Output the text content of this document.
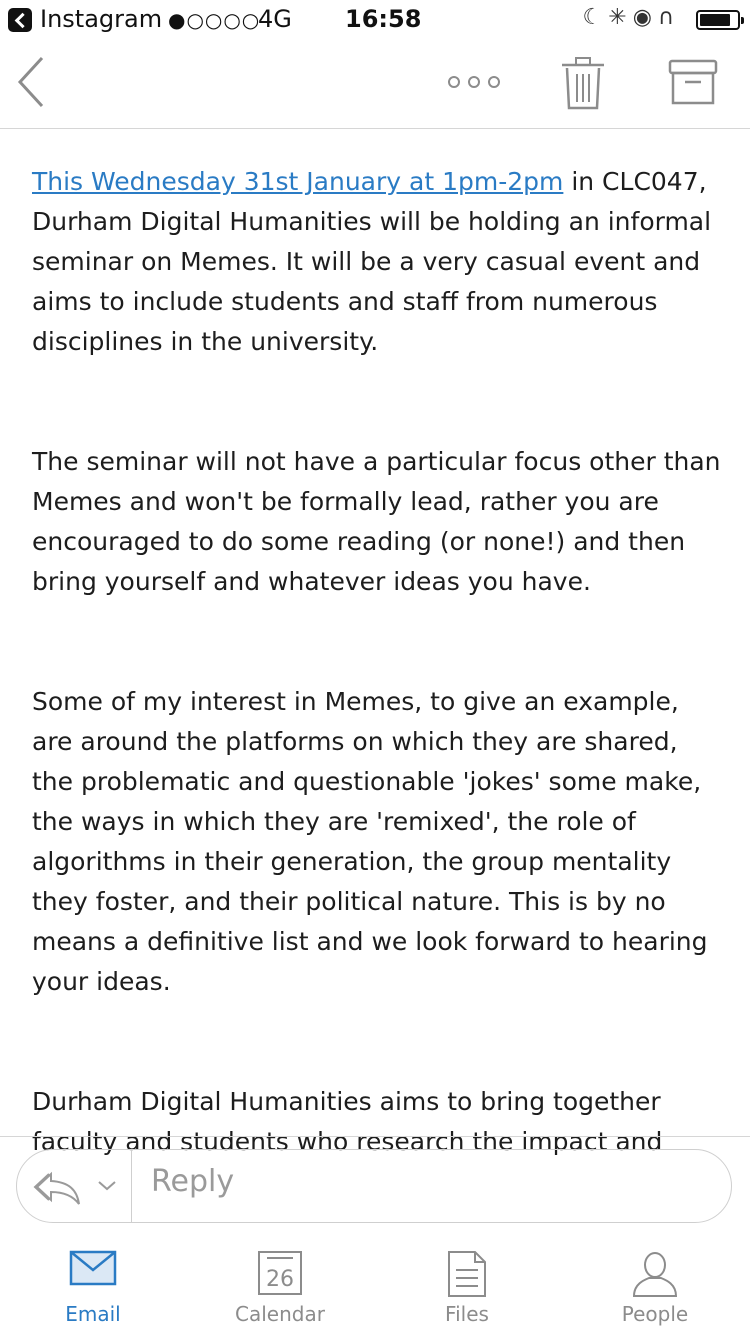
Instagram ●○○○○
4G 16:58	☾✳◉∩

This Wednesday 31st January at 1pm-2pm in CLC047, Durham Digital Humanities will be holding an informal seminar on Memes. It will be a very casual event and aims to include students and staff from numerous disciplines in the university.

The seminar will not have a particular focus other than Memes and won't be formally lead, rather you are encouraged to do some reading (or none!) and then bring yourself and whatever ideas you have.

Some of my interest in Memes, to give an example, are around the platforms on which they are shared, the problematic and questionable 'jokes' some make, the ways in which they are 'remixed', the role of algorithms in their generation, the group mentality they foster, and their political nature. This is by no means a definitive list and we look forward to hearing your ideas.

Durham Digital Humanities aims to bring together faculty and students who research the impact and

Reply
Email
26
Calendar	Files	People
